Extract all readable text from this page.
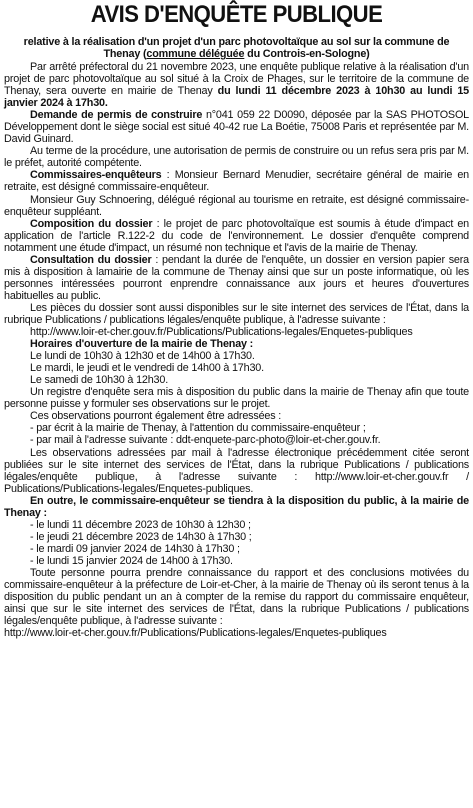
AVIS D'ENQUÊTE PUBLIQUE
relative à la réalisation d'un projet d'un parc photovoltaïque au sol sur la commune de Thenay (commune déléguée du Controis-en-Sologne)

Par arrêté préfectoral du 21 novembre 2023, une enquête publique relative à la réalisation d'un projet de parc photovoltaïque au sol situé à la Croix de Phages, sur le territoire de la commune de Thenay, sera ouverte en mairie de Thenay du lundi 11 décembre 2023 à 10h30 au lundi 15 janvier 2024 à 17h30.

Demande de permis de construire n°041 059 22 D0090, déposée par la SAS PHOTOSOL Développement dont le siège social est situé 40-42 rue La Boétie, 75008 Paris et représentée par M. David Guinard.

Au terme de la procédure, une autorisation de permis de construire ou un refus sera pris par M. le préfet, autorité compétente.

Commissaires-enquêteurs : Monsieur Bernard Menudier, secrétaire général de mairie en retraite, est désigné commissaire-enquêteur.

Monsieur Guy Schnoering, délégué régional au tourisme en retraite, est désigné commissaire-enquêteur suppléant.

Composition du dossier : le projet de parc photovoltaïque est soumis à étude d'impact en application de l'article R.122-2 du code de l'environnement. Le dossier d'enquête comprend notamment une étude d'impact, un résumé non technique et l'avis de la mairie de Thenay.

Consultation du dossier : pendant la durée de l'enquête, un dossier en version papier sera mis à disposition à lamairie de la commune de Thenay ainsi que sur un poste informatique, où les personnes intéressées pourront enprendre connaissance aux jours et heures d'ouvertures habituelles au public.

Les pièces du dossier sont aussi disponibles sur le site internet des services de l'État, dans la rubrique Publications / publications légales/enquête publique, à l'adresse suivante :

http://www.loir-et-cher.gouv.fr/Publications/Publications-legales/Enquetes-publiques

Horaires d'ouverture de la mairie de Thenay :

Le lundi de 10h30 à 12h30 et de 14h00 à 17h30.
Le mardi, le jeudi et le vendredi de 14h00 à 17h30.
Le samedi de 10h30 à 12h30.

Un registre d'enquête sera mis à disposition du public dans la mairie de Thenay afin que toute personne puisse y formuler ses observations sur le projet.

Ces observations pourront également être adressées :

- par écrit à la mairie de Thenay, à l'attention du commissaire-enquêteur ;
- par mail à l'adresse suivante : ddt-enquete-parc-photo@loir-et-cher.gouv.fr.

Les observations adressées par mail à l'adresse électronique précédemment citée seront publiées sur le site internet des services de l'État, dans la rubrique Publications / publications légales/enquête publique, à l'adresse suivante : http://www.loir-et-cher.gouv.fr / Publications/Publications-legales/Enquetes-publiques.

En outre, le commissaire-enquêteur se tiendra à la disposition du public, à la mairie de Thenay :

- le lundi 11 décembre 2023 de 10h30 à 12h30 ;
- le jeudi 21 décembre 2023 de 14h30 à 17h30 ;
- le mardi 09 janvier 2024 de 14h30 à 17h30 ;
- le lundi 15 janvier 2024 de 14h00 à 17h30.

Toute personne pourra prendre connaissance du rapport et des conclusions motivées du commissaire-enquêteur à la préfecture de Loir-et-Cher, à la mairie de Thenay où ils seront tenus à la disposition du public pendant un an à compter de la remise du rapport du commissaire enquêteur, ainsi que sur le site internet des services de l'État, dans la rubrique Publications / publications légales/enquête publique, à l'adresse suivante :

http://www.loir-et-cher.gouv.fr/Publications/Publications-legales/Enquetes-publiques
